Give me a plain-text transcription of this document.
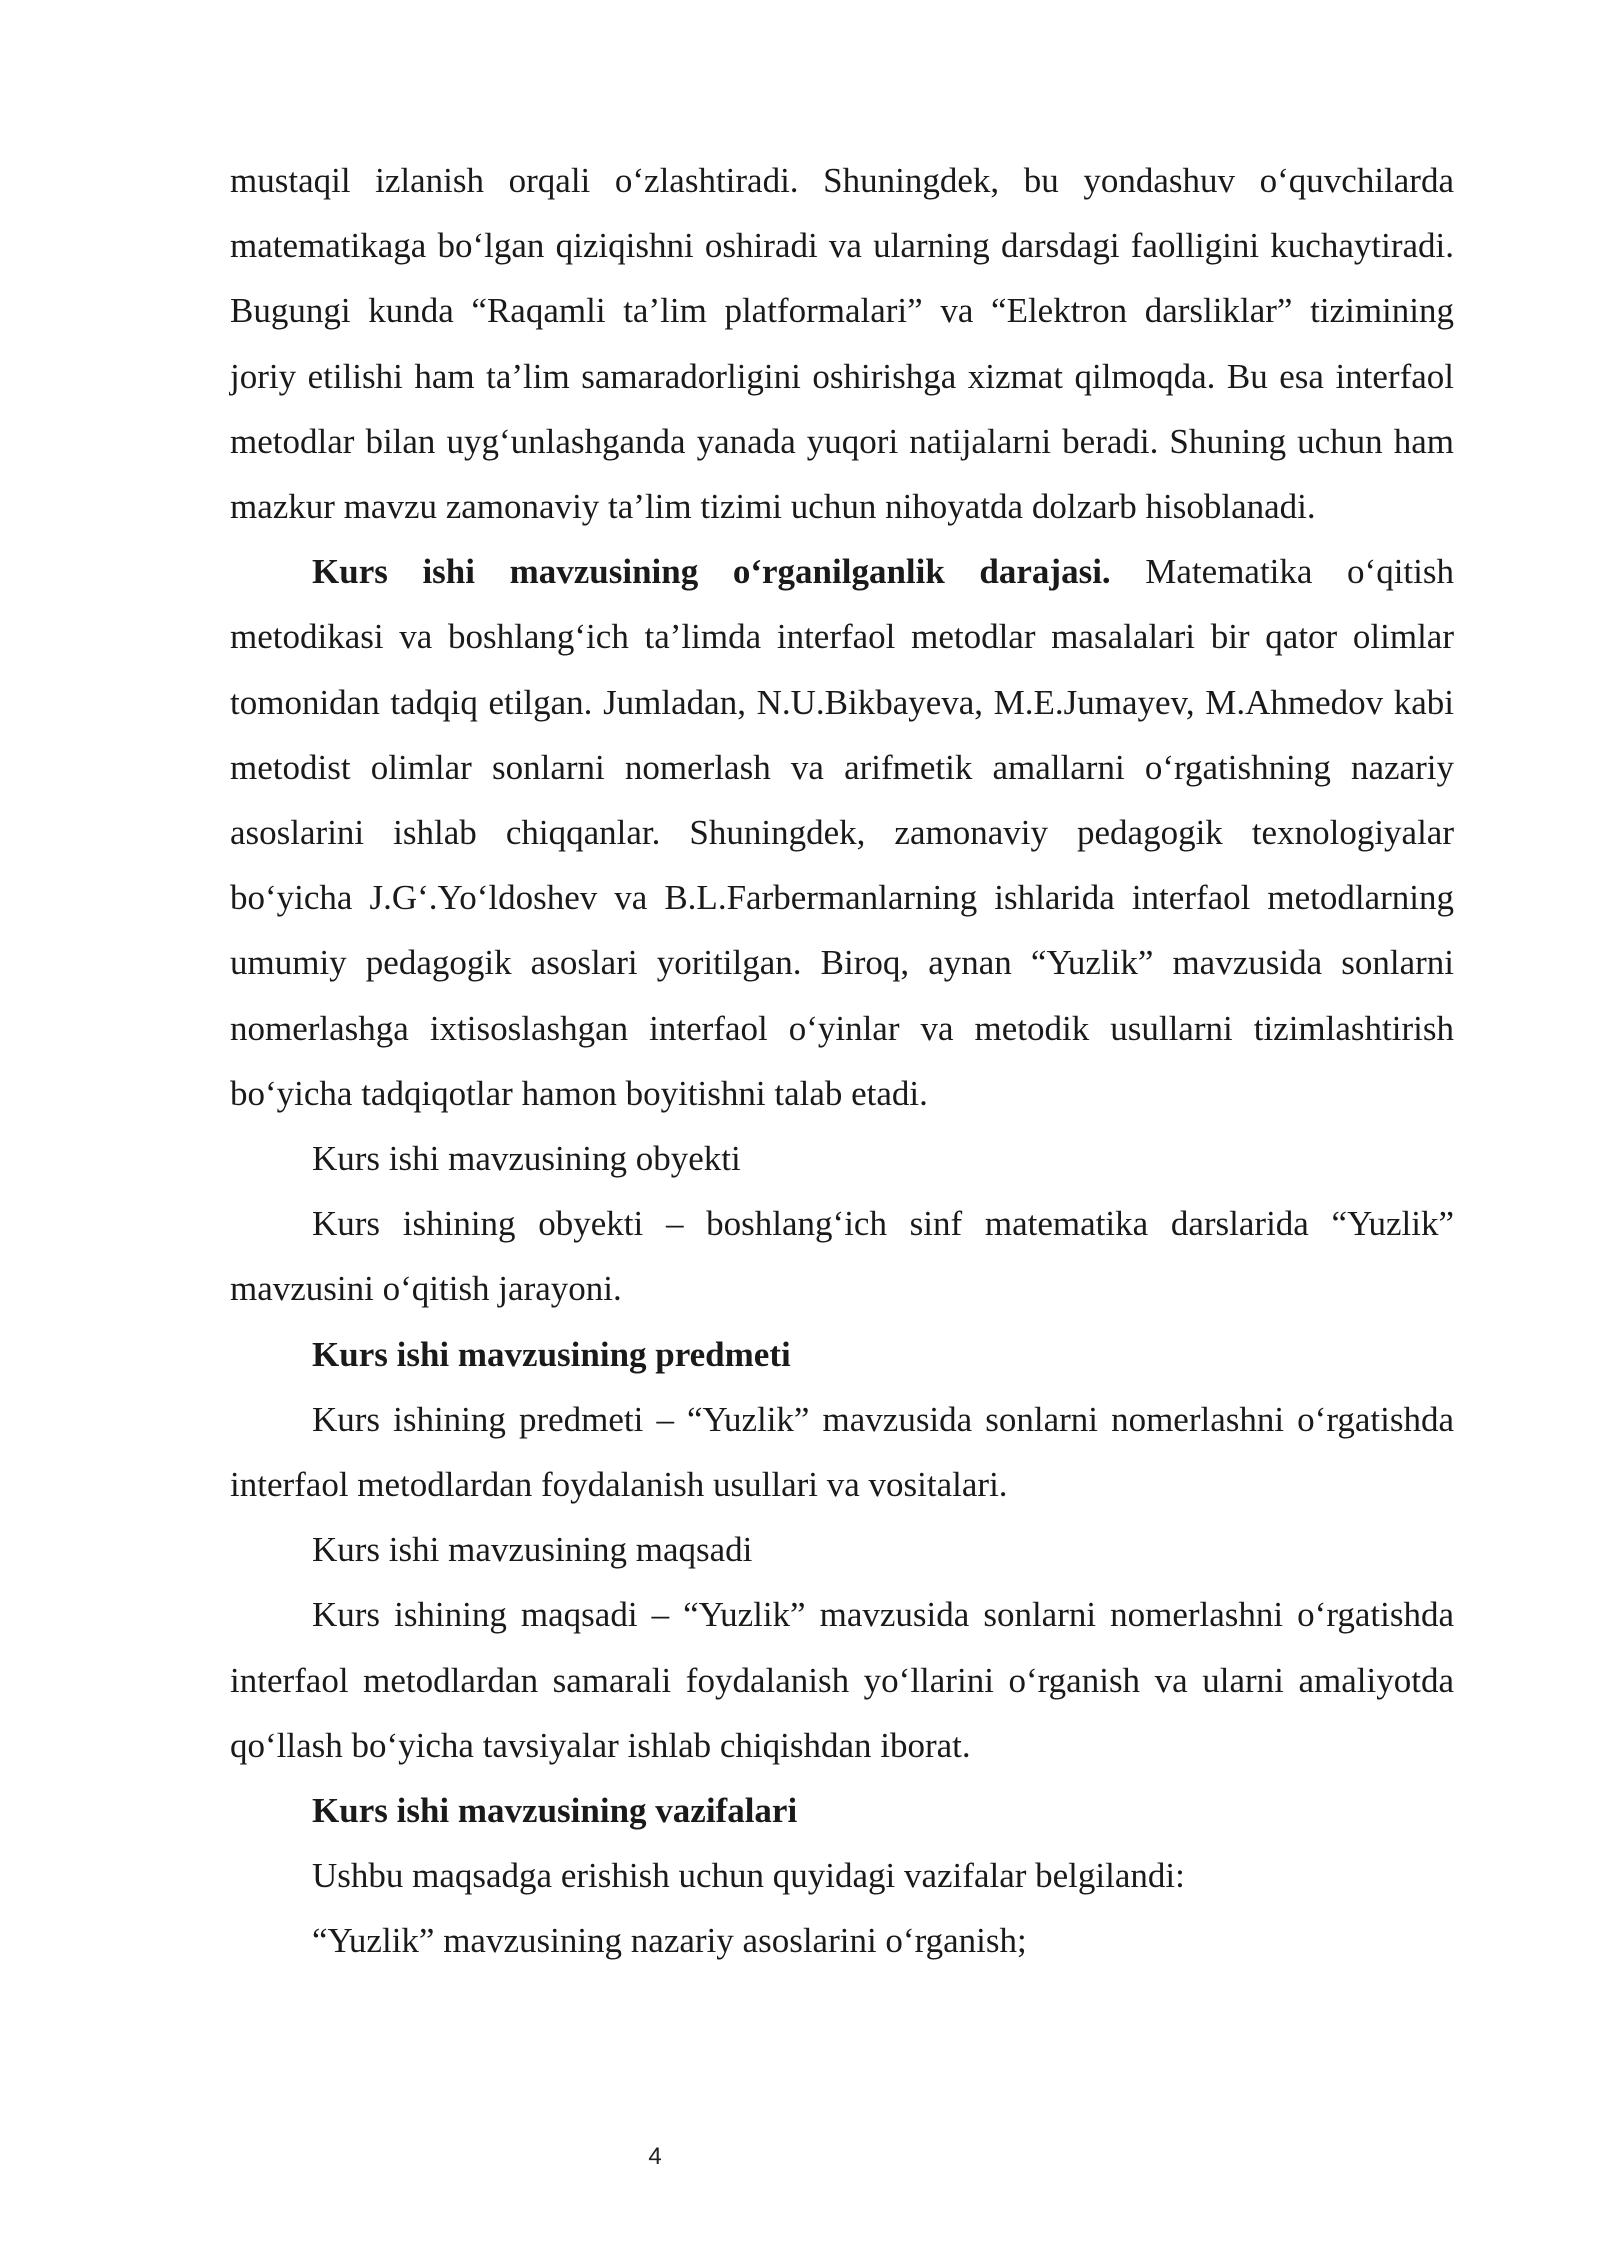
mustaqil izlanish orqali o‘zlashtiradi. Shuningdek, bu yondashuv o‘quvchilarda matematikaga bo‘lgan qiziqishni oshiradi va ularning darsdagi faolligini kuchaytiradi. Bugungi kunda “Raqamli ta’lim platformalari” va “Elektron darsliklar” tizimining joriy etilishi ham ta’lim samaradorligini oshirishga xizmat qilmoqda. Bu esa interfaol metodlar bilan uyg‘unlashganda yanada yuqori natijalarni beradi. Shuning uchun ham mazkur mavzu zamonaviy ta’lim tizimi uchun nihoyatda dolzarb hisoblanadi.

Kurs ishi mavzusining o‘rganilganlik darajasi. Matematika o‘qitish metodikasi va boshlang‘ich ta’limda interfaol metodlar masalalari bir qator olimlar tomonidan tadqiq etilgan. Jumladan, N.U.Bikbayeva, M.E.Jumayev, M.Ahmedov kabi metodist olimlar sonlarni nomerlash va arifmetik amallarni o‘rgatishning nazariy asoslarini ishlab chiqqanlar. Shuningdek, zamonaviy pedagogik texnologiyalar bo‘yicha J.G‘.Yo‘ldoshev va B.L.Farbermanlarning ishlarida interfaol metodlarning umumiy pedagogik asoslari yoritilgan. Biroq, aynan “Yuzlik” mavzusida sonlarni nomerlashga ixtisoslashgan interfaol o‘yinlar va metodik usullarni tizimlashtirish bo‘yicha tadqiqotlar hamon boyitishni talab etadi.

Kurs ishi mavzusining obyekti

Kurs ishining obyekti – boshlang‘ich sinf matematika darslarida “Yuzlik” mavzusini o‘qitish jarayoni.

Kurs ishi mavzusining predmeti

Kurs ishining predmeti – “Yuzlik” mavzusida sonlarni nomerlashni o‘rgatishda interfaol metodlardan foydalanish usullari va vositalari.

Kurs ishi mavzusining maqsadi

Kurs ishining maqsadi – “Yuzlik” mavzusida sonlarni nomerlashni o‘rgatishda interfaol metodlardan samarali foydalanish yo‘llarini o‘rganish va ularni amaliyotda qo‘llash bo‘yicha tavsiyalar ishlab chiqishdan iborat.

Kurs ishi mavzusining vazifalari

Ushbu maqsadga erishish uchun quyidagi vazifalar belgilandi:

“Yuzlik” mavzusining nazariy asoslarini o‘rganish;

4
